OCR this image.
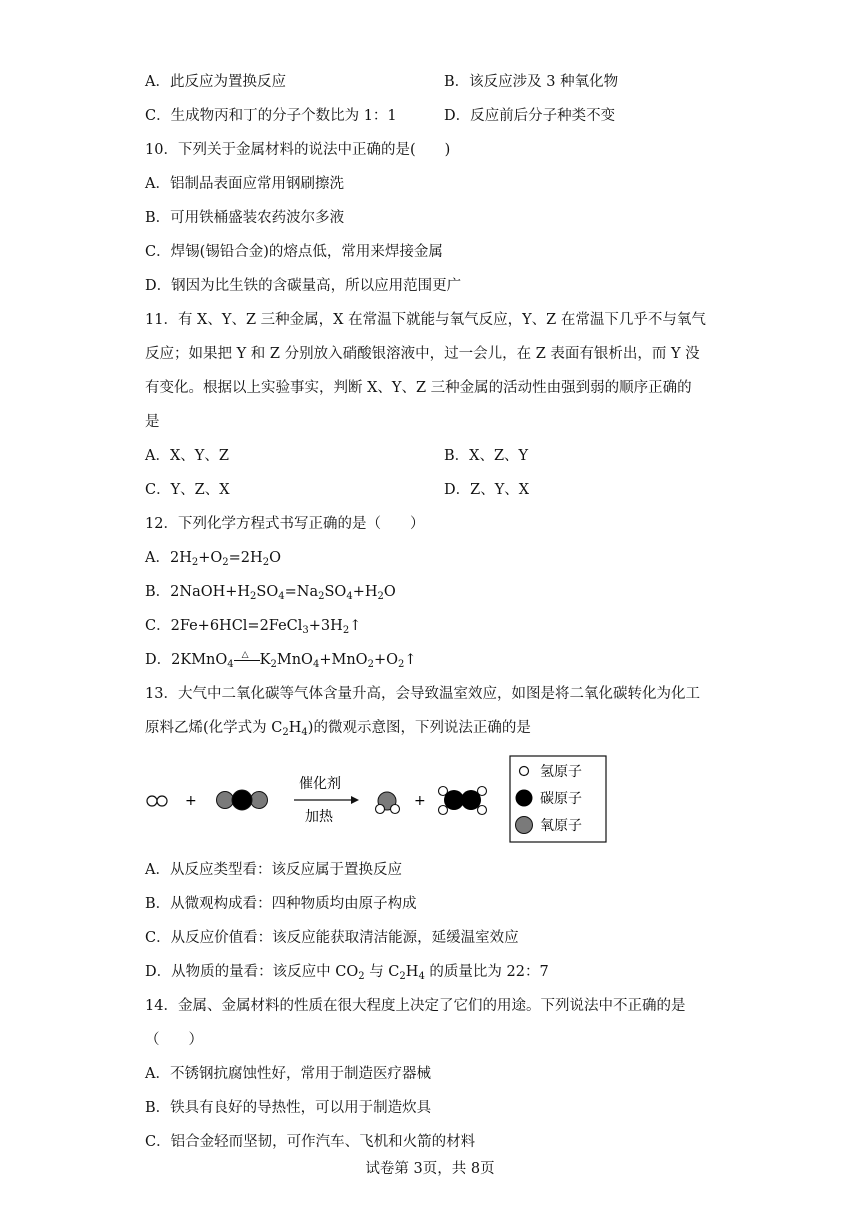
A．此反应为置换反应	B．该反应涉及 3 种氧化物
C．生成物丙和丁的分子个数比为 1：1	D．反应前后分子种类不变
10．下列关于金属材料的说法中正确的是(　　)
A．铝制品表面应常用钢刷擦洗
B．可用铁桶盛装农药波尔多液
C．焊锡(锡铅合金)的熔点低，常用来焊接金属
D．钢因为比生铁的含碳量高，所以应用范围更广
11．有 X、Y、Z 三种金属，X 在常温下就能与氧气反应，Y、Z 在常温下几乎不与氧气
反应；如果把 Y 和 Z 分别放入硝酸银溶液中，过一会儿，在 Z 表面有银析出，而 Y 没
有变化。根据以上实验事实，判断 X、Y、Z 三种金属的活动性由强到弱的顺序正确的
是
A．X、Y、Z	B．X、Z、Y
C．Y、Z、X	D．Z、Y、X
12．下列化学方程式书写正确的是（　　）
A．$2H_2+O_2=2H_2O$
B．$2NaOH+H_2SO_4=Na_2SO_4+H_2O$
C．$2Fe+6HCl=2FeCl_3+3H_2↑$
D．2KMnO$_4$
△ $K_2MnO_4+MnO_2+O_2↑$
13．大气中二氧化碳等气体含量升高，会导致温室效应，如图是将二氧化碳转化为化工
原料乙烯(化学式为 $C_2H_4$)的微观示意图，下列说法正确的是
+
催化剂
加热
+
氢原子
碳原子
氧原子
A．从反应类型看：该反应属于置换反应
B．从微观构成看：四种物质均由原子构成
C．从反应价值看：该反应能获取清洁能源，延缓温室效应
D．从物质的量看：该反应中 $CO_2$ 与 $C_2H_4$ 的质量比为 22：7
14．金属、金属材料的性质在很大程度上决定了它们的用途。下列说法中不正确的是
（　　）
A．不锈钢抗腐蚀性好，常用于制造医疗器械
B．铁具有良好的导热性，可以用于制造炊具
C．铝合金轻而坚韧，可作汽车、飞机和火箭的材料
试卷第 3页，共 8页
